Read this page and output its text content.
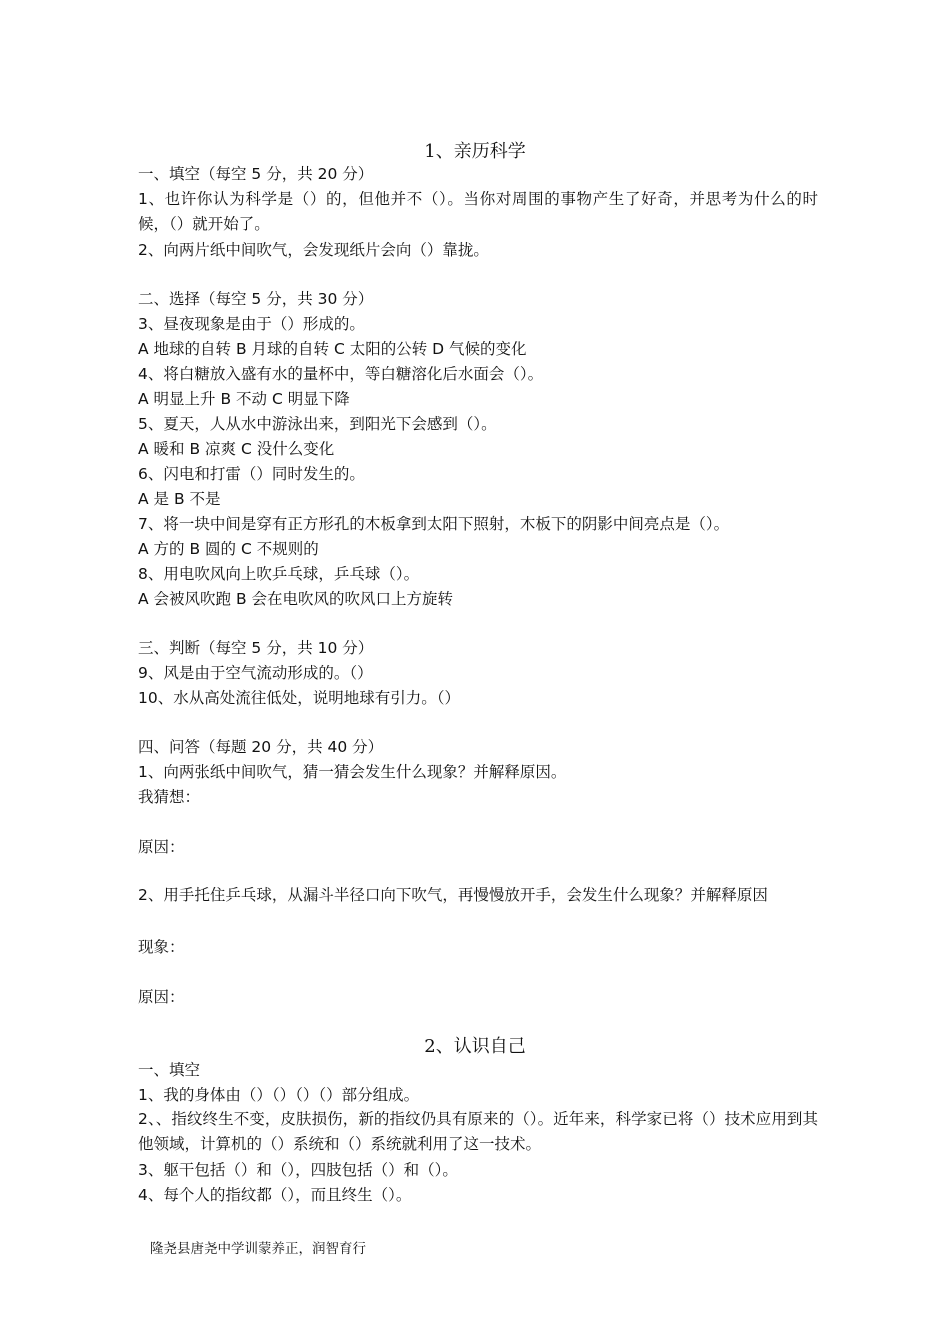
1、亲历科学
一、填空（每空 5 分，共 20 分）
1、也许你认为科学是（）的，但他并不（）。当你对周围的事物产生了好奇，并思考为什么的时候，（）就开始了。
2、向两片纸中间吹气，会发现纸片会向（）靠拢。
二、选择（每空 5 分，共 30 分）
3、昼夜现象是由于（）形成的。
A 地球的自转 B 月球的自转 C 太阳的公转 D 气候的变化
4、将白糖放入盛有水的量杯中，等白糖溶化后水面会（）。
A 明显上升 B 不动 C 明显下降
5、夏天，人从水中游泳出来，到阳光下会感到（）。
A 暖和 B 凉爽 C 没什么变化
6、闪电和打雷（）同时发生的。
A 是 B 不是
7、将一块中间是穿有正方形孔的木板拿到太阳下照射，木板下的阴影中间亮点是（）。
A 方的 B 圆的 C 不规则的
8、用电吹风向上吹乒乓球，乒乓球（）。
A 会被风吹跑 B 会在电吹风的吹风口上方旋转
三、判断（每空 5 分，共 10 分）
9、风是由于空气流动形成的。（）
10、水从高处流往低处，说明地球有引力。（）
四、问答（每题 20 分，共 40 分）
1、向两张纸中间吹气，猜一猜会发生什么现象？并解释原因。
我猜想：
原因：
2、用手托住乒乓球，从漏斗半径口向下吹气，再慢慢放开手，会发生什么现象？并解释原因
现象：
原因：
2、认识自己
一、填空
1、我的身体由（）（）（）（）部分组成。
2、、指纹终生不变，皮肤损伤，新的指纹仍具有原来的（）。近年来，科学家已将（）技术应用到其他领域，计算机的（）系统和（）系统就利用了这一技术。
3、躯干包括（）和（），四肢包括（）和（）。
4、每个人的指纹都（），而且终生（）。
隆尧县唐尧中学训蒙养正，润智育行
